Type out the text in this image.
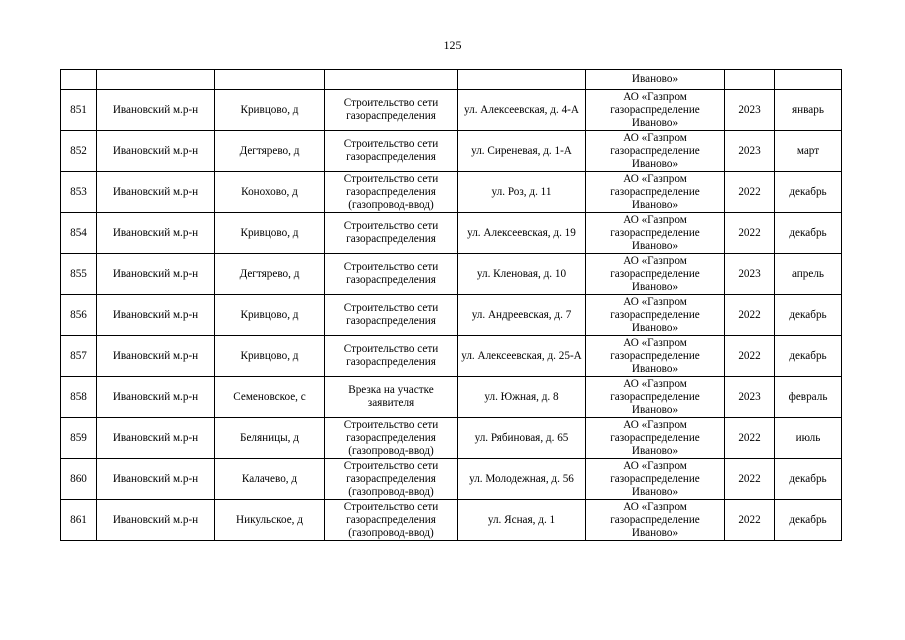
125
					Иваново»		
851	Ивановский м.р-н	Кривцово, д	Строительство сети газораспределения	ул. Алексеевская, д. 4-А	АО «Газпром газораспределение Иваново»	2023	январь
852	Ивановский м.р-н	Дегтярево, д	Строительство сети газораспределения	ул. Сиреневая, д. 1-А	АО «Газпром газораспределение Иваново»	2023	март
853	Ивановский м.р-н	Конохово, д	Строительство сети газораспределения (газопровод-ввод)	ул. Роз, д. 11	АО «Газпром газораспределение Иваново»	2022	декабрь
854	Ивановский м.р-н	Кривцово, д	Строительство сети газораспределения	ул. Алексеевская, д. 19	АО «Газпром газораспределение Иваново»	2022	декабрь
855	Ивановский м.р-н	Дегтярево, д	Строительство сети газораспределения	ул. Кленовая, д. 10	АО «Газпром газораспределение Иваново»	2023	апрель
856	Ивановский м.р-н	Кривцово, д	Строительство сети газораспределения	ул. Андреевская, д. 7	АО «Газпром газораспределение Иваново»	2022	декабрь
857	Ивановский м.р-н	Кривцово, д	Строительство сети газораспределения	ул. Алексеевская, д. 25-А	АО «Газпром газораспределение Иваново»	2022	декабрь
858	Ивановский м.р-н	Семеновское, с	Врезка на участке заявителя	ул. Южная, д. 8	АО «Газпром газораспределение Иваново»	2023	февраль
859	Ивановский м.р-н	Беляницы, д	Строительство сети газораспределения (газопровод-ввод)	ул. Рябиновая, д. 65	АО «Газпром газораспределение Иваново»	2022	июль
860	Ивановский м.р-н	Калачево, д	Строительство сети газораспределения (газопровод-ввод)	ул. Молодежная, д. 56	АО «Газпром газораспределение Иваново»	2022	декабрь
861	Ивановский м.р-н	Никульское, д	Строительство сети газораспределения (газопровод-ввод)	ул. Ясная, д. 1	АО «Газпром газораспределение Иваново»	2022	декабрь
